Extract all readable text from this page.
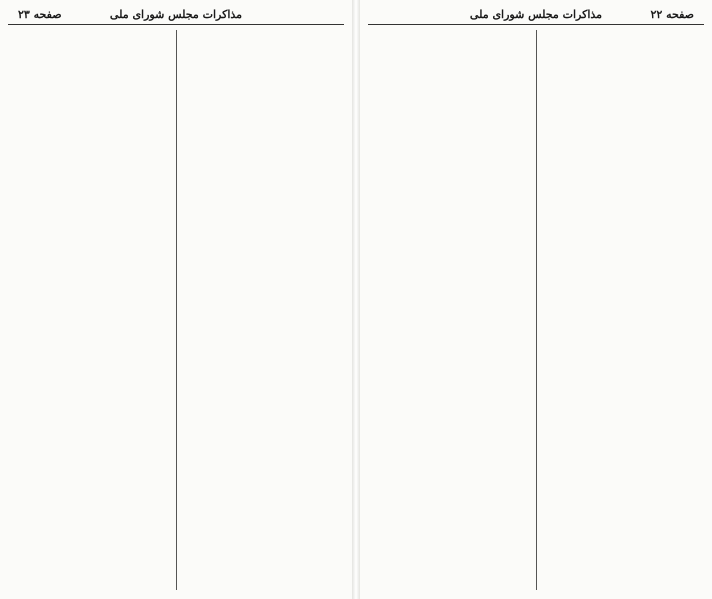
مذاکرات مجلس شورای ملی
صفحه ۲۳	مذاکرات مجلس شورای ملی	صفحه ۲۲
